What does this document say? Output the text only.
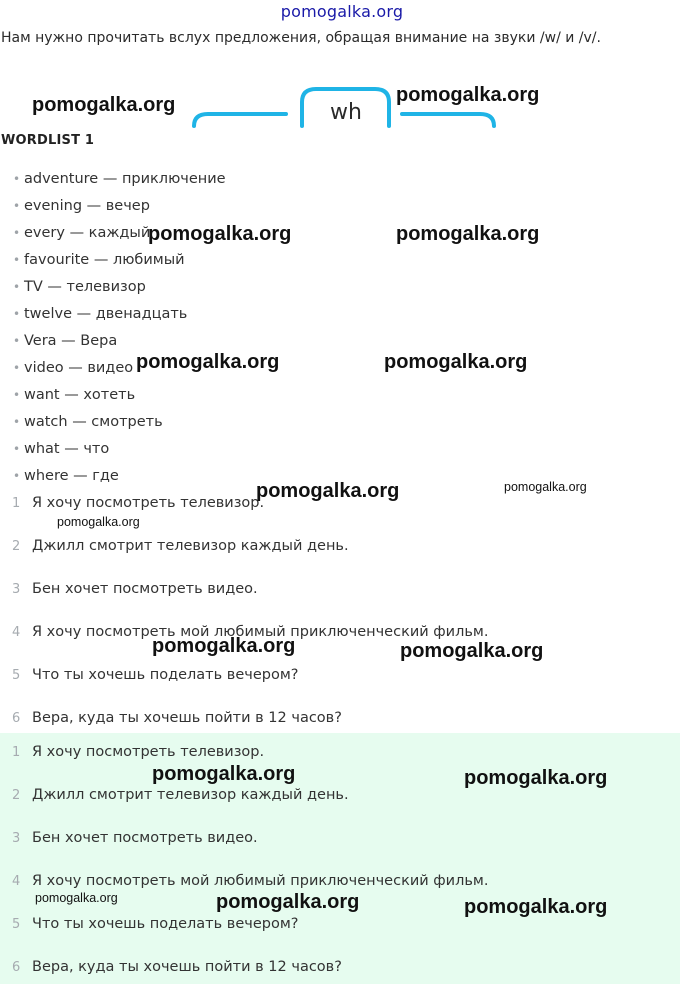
pomogalka.org
Нам нужно прочитать вслух предложения, обращая внимание на звуки /w/ и /v/.
wh
WORDLIST 1
• adventure — приключение
• evening — вечер
• every — каждый
• favourite — любимый
• TV — телевизор
• twelve — двенадцать
• Vera — Вера
• video — видео
• want — хотеть
• watch — смотреть
• what — что
• where — где
1 Я хочу посмотреть телевизор.
2 Джилл смотрит телевизор каждый день.
3 Бен хочет посмотреть видео.
4 Я хочу посмотреть мой любимый приключенческий фильм.
5 Что ты хочешь поделать вечером?
6 Вера, куда ты хочешь пойти в 12 часов?
1 Я хочу посмотреть телевизор.
2 Джилл смотрит телевизор каждый день.
3 Бен хочет посмотреть видео.
4 Я хочу посмотреть мой любимый приключенческий фильм.
5 Что ты хочешь поделать вечером?
6 Вера, куда ты хочешь пойти в 12 часов?
pomogalka.org	pomogalka.org
pomogalka.org	pomogalka.org
pomogalka.org	pomogalka.org
pomogalka.org	pomogalka.org
pomogalka.org
pomogalka.org	pomogalka.org
pomogalka.org	pomogalka.org
pomogalka.org	pomogalka.org	pomogalka.org
